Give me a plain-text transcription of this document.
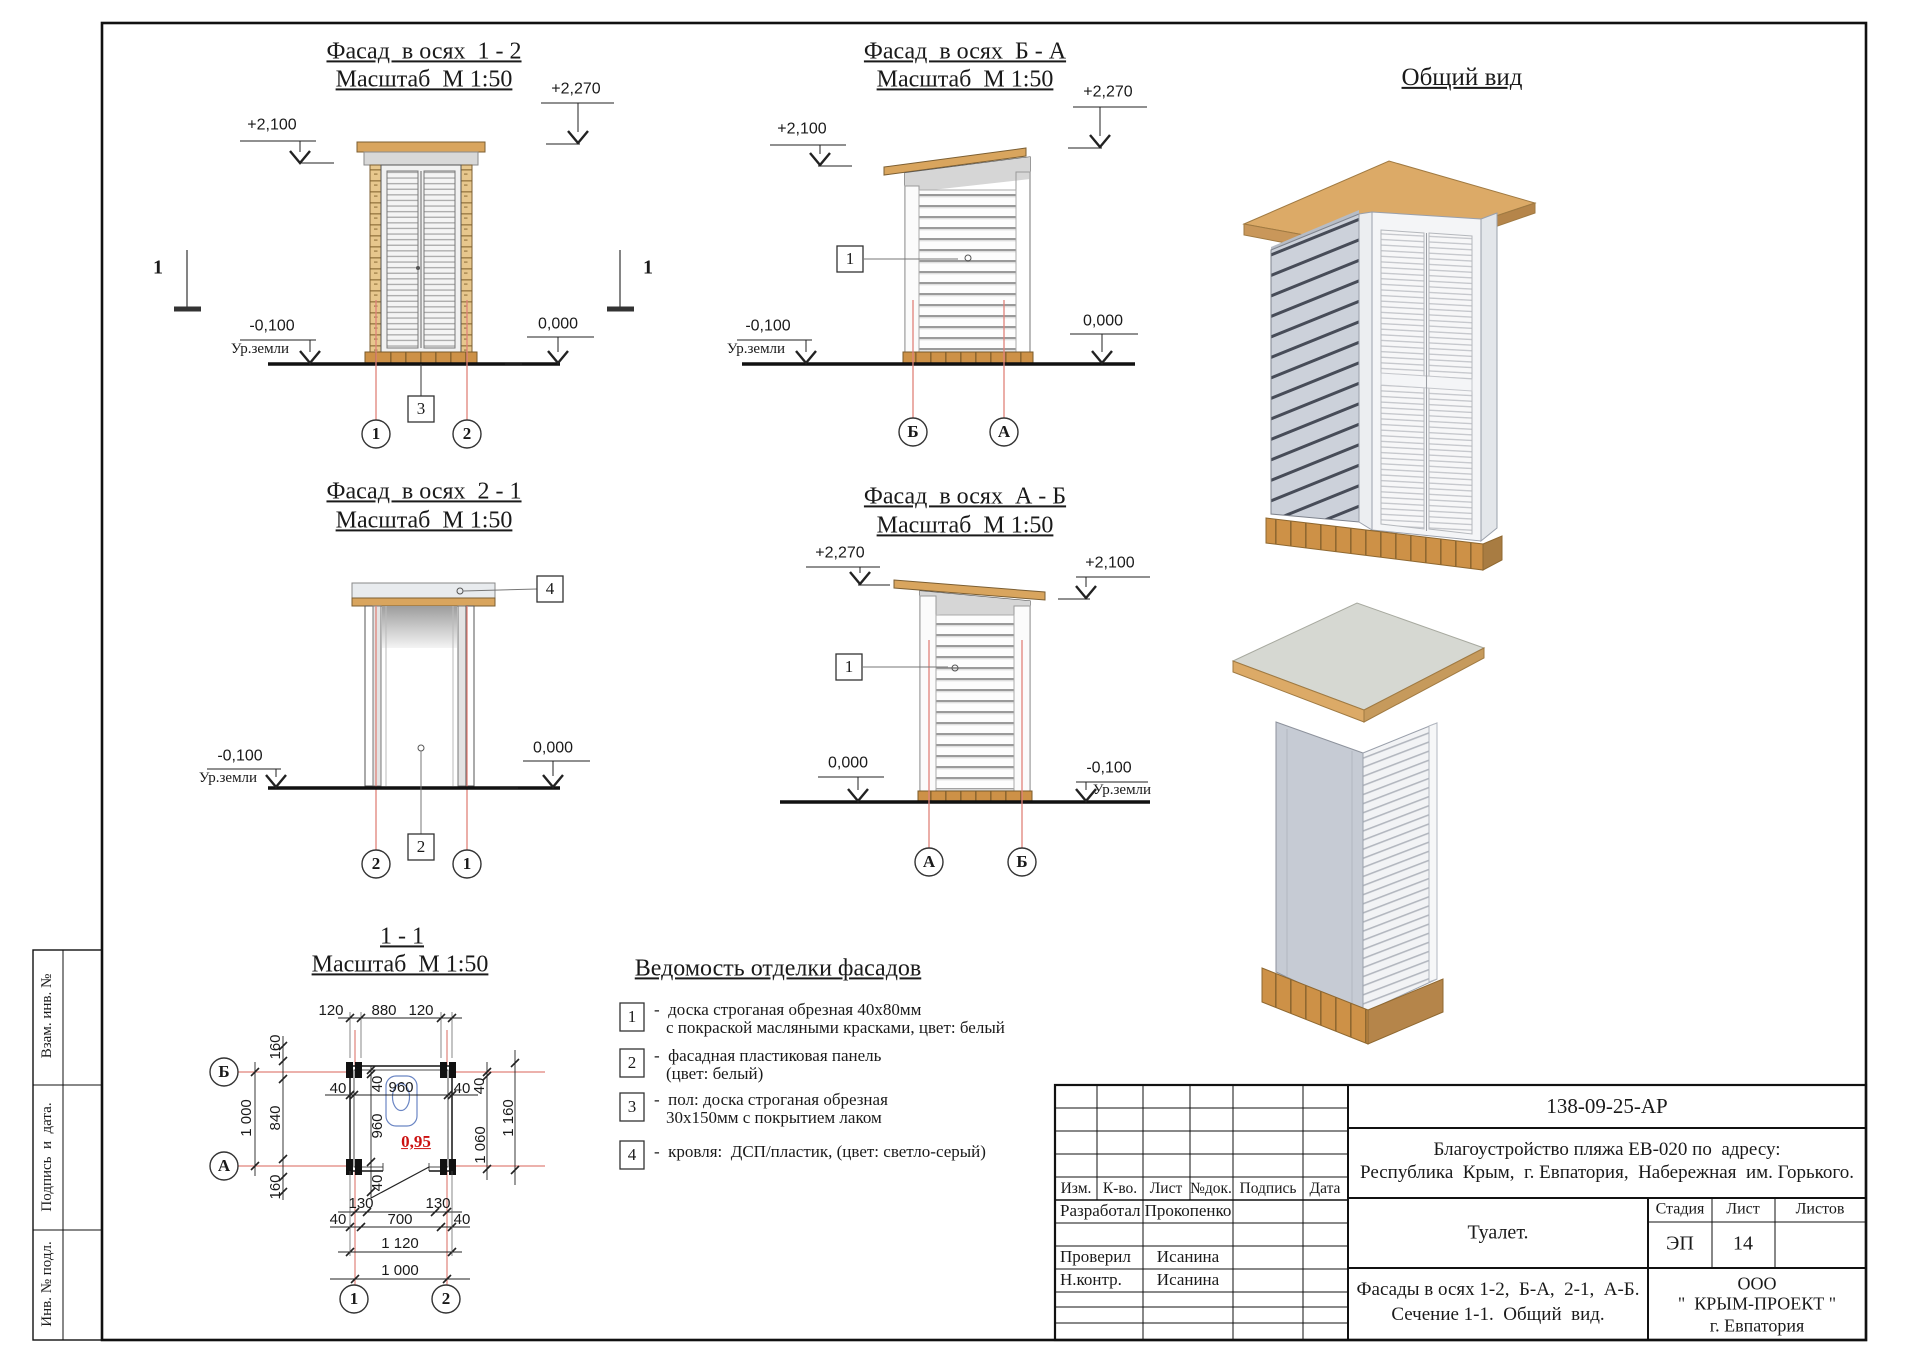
Фасад  в осях  1 - 2
Масштаб  М 1:50
+2,100
+2,270
-0,100
Ур.земли
0,000
1	1
3
1	2
Фасад  в осях  Б - А
Масштаб  М 1:50
+2,100
+2,270
-0,100
Ур.земли
0,000
1
Б	А
Фасад  в осях  2 - 1
Масштаб  М 1:50
-0,100
Ур.земли
0,000
4
2
2	1
Фасад  в осях  А - Б
Масштаб  М 1:50
+2,270
+2,100
0,000	-0,100
Ур.земли
1
А	Б
Общий вид
1 - 1
Масштаб  М 1:50
120 880 120
1 000
160
840
160
40 40 960	40 40
960
40
1 060
1 160
130	130
40	700	40
1 120
1 000
0,95
Б
А
1	2
Ведомость отделки фасадов
1 -  доска строганая обрезная 40х80мм
с покраской масляными красками, цвет: белый
2 -  фасадная пластиковая панель
(цвет: белый)
3 -  пол: доска строганая обрезная
30х150мм с покрытием лаком
4 -  кровля:  ДСП/пластик, (цвет: светло-серый)
Изм. К-во. Лист №док. Подпись Дата
Разработал Прокопенко
Проверил Исанина
Н.контр. Исанина
138-09-25-АР
Благоустройство пляжа ЕВ-020 по  адресу:
Республика  Крым,  г. Евпатория,  Набережная  им. Горького.
Туалет.
Стадия Лист Листов
ЭП 14
Фасады в осях 1-2,  Б-А,  2-1,  А-Б.
Сечение 1-1.  Общий  вид.
ООО
"  КРЫМ-ПРОЕКТ "
г. Евпатория
Взам. инв. №
Подпись  и  дата.
Инв. № подл.
